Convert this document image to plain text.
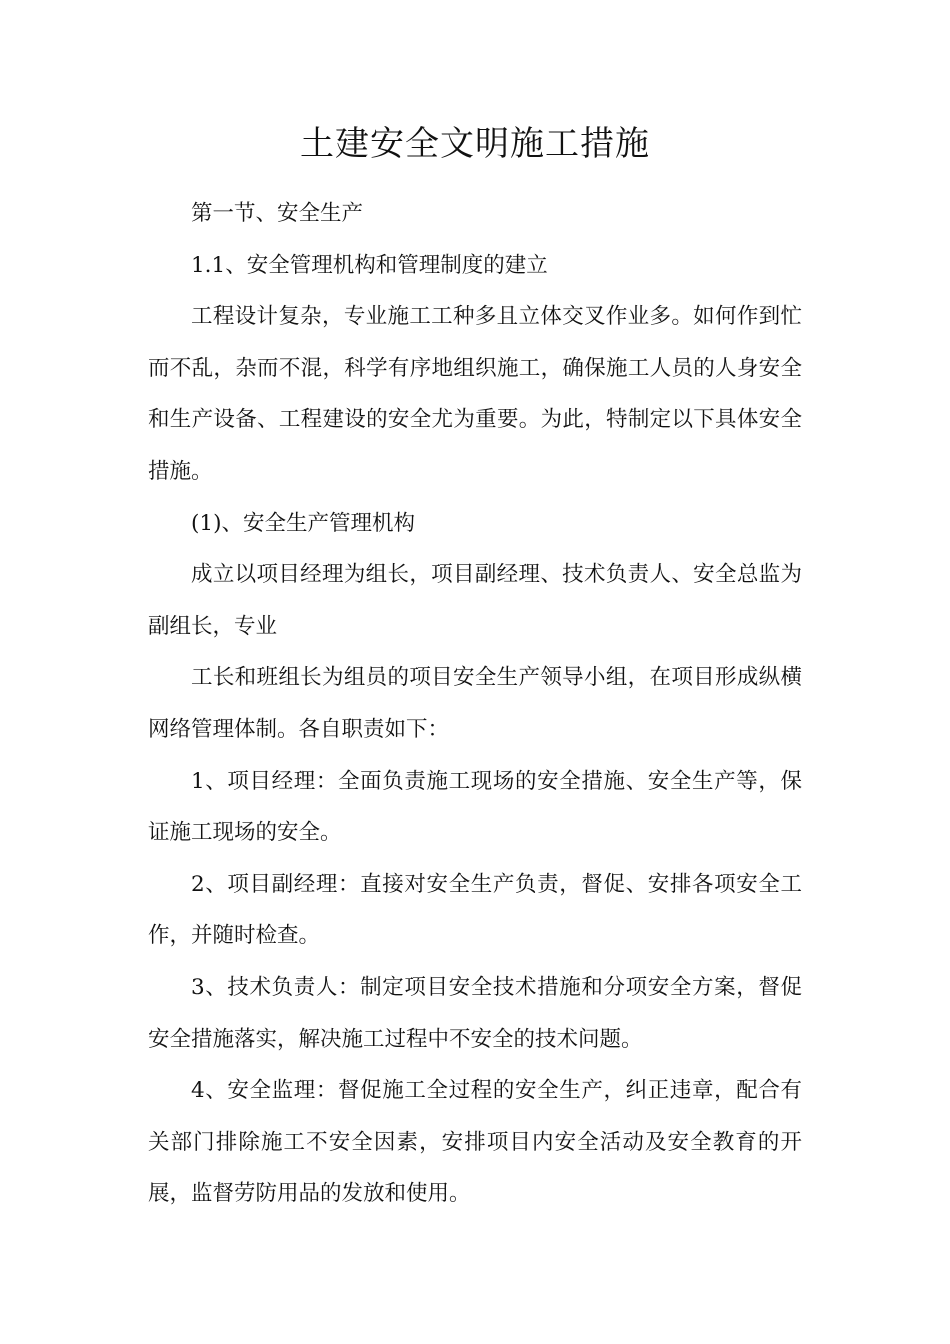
土建安全文明施工措施

第一节、安全生产

1.1、安全管理机构和管理制度的建立

工程设计复杂，专业施工工种多且立体交叉作业多。如何作到忙而不乱，杂而不混，科学有序地组织施工，确保施工人员的人身安全和生产设备、工程建设的安全尤为重要。为此，特制定以下具体安全措施。

(1)、安全生产管理机构

成立以项目经理为组长，项目副经理、技术负责人、安全总监为副组长，专业

工长和班组长为组员的项目安全生产领导小组，在项目形成纵横网络管理体制。各自职责如下：

1、项目经理：全面负责施工现场的安全措施、安全生产等，保证施工现场的安全。

2、项目副经理：直接对安全生产负责，督促、安排各项安全工作，并随时检查。

3、技术负责人：制定项目安全技术措施和分项安全方案，督促安全措施落实，解决施工过程中不安全的技术问题。

4、安全监理：督促施工全过程的安全生产，纠正违章，配合有关部门排除施工不安全因素，安排项目内安全活动及安全教育的开展，监督劳防用品的发放和使用。
